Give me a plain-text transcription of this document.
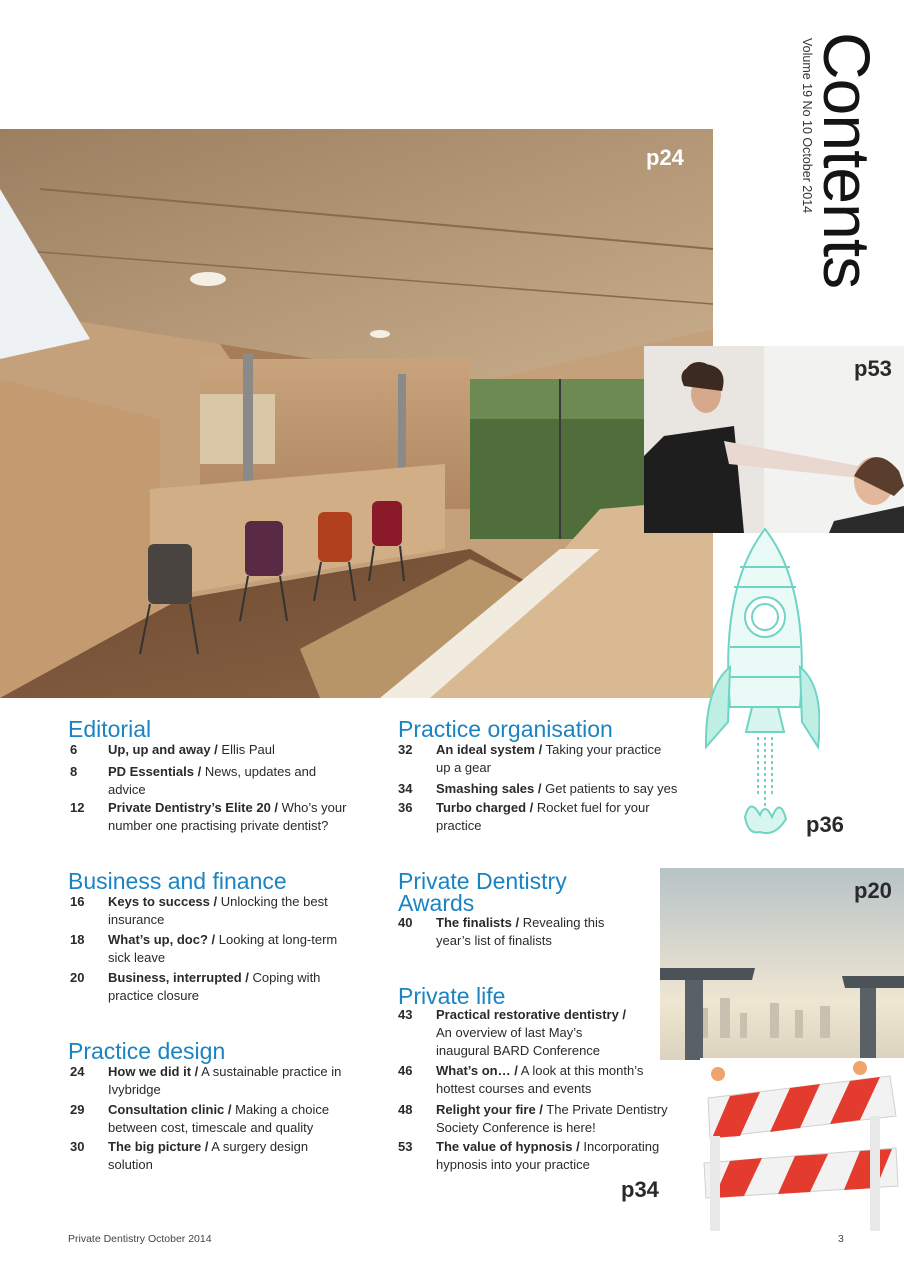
Contents
Volume 19 No 10 October 2014
p24
p53
p36
p20
p34
Editorial
6 Up, up and away / Ellis Paul
8 PD Essentials / News, updates and
advice
12 Private Dentistry’s Elite 20 / Who’s your
number one practising private dentist?
Business and finance
16 Keys to success / Unlocking the best
insurance
18 What’s up, doc? / Looking at long-term
sick leave
20 Business, interrupted / Coping with
practice closure
Practice design
24 How we did it / A sustainable practice in
Ivybridge
29 Consultation clinic / Making a choice
between cost, timescale and quality
30 The big picture / A surgery design
solution
Practice organisation
32 An ideal system / Taking your practice
up a gear
34 Smashing sales / Get patients to say yes
36 Turbo charged / Rocket fuel for your
practice
Private Dentistry
Awards
40 The finalists / Revealing this
year’s list of finalists
Private life
43 Practical restorative dentistry /
An overview of last May’s
inaugural BARD Conference
46 What’s on… / A look at this month’s
hottest courses and events
48 Relight your fire / The Private Dentistry
Society Conference is here!
53 The value of hypnosis / Incorporating
hypnosis into your practice
Private Dentistry October 2014	3
